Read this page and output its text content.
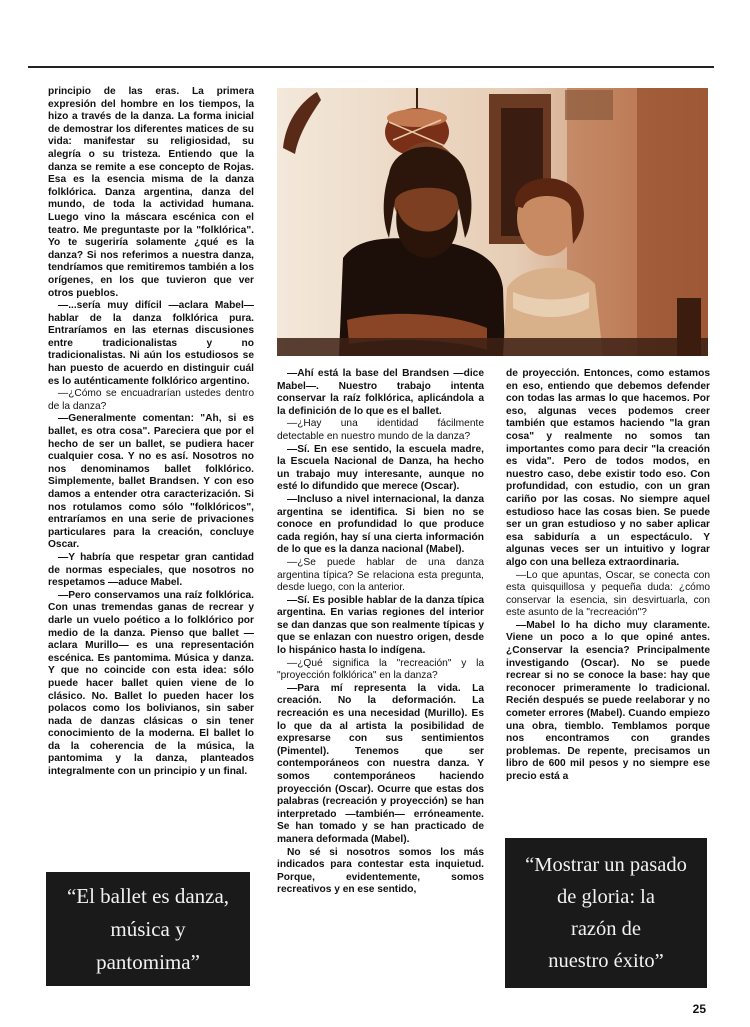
principio de las eras. La primera expresión del hombre en los tiempos, la hizo a través de la danza. La forma inicial de demostrar los diferentes matices de su vida: manifestar su religiosidad, su alegría o su tristeza. Entiendo que la danza se remite a ese concepto de Rojas. Esa es la esencia misma de la danza folklórica. Danza argentina, danza del mundo, de toda la actividad humana. Luego vino la máscara escénica con el teatro. Me preguntaste por la "folklórica". Yo te sugeriría solamente ¿qué es la danza? Si nos referimos a nuestra danza, tendríamos que remitiremos también a los orígenes, en los que tuvieron que ver otros pueblos.

—...sería muy difícil —aclara Mabel— hablar de la danza folklórica pura. Entraríamos en las eternas discusiones entre tradicionalistas y no tradicionalistas. Ni aún los estudiosos se han puesto de acuerdo en distinguir cuál es lo auténticamente folklórico argentino.

—¿Cómo se encuadrarían ustedes dentro de la danza?

—Generalmente comentan: "Ah, si es ballet, es otra cosa". Pareciera que por el hecho de ser un ballet, se pudiera hacer cualquier cosa. Y no es así. Nosotros no nos denominamos ballet folklórico. Simplemente, ballet Brandsen. Y con eso damos a entender otra caracterización. Si nos rotulamos como sólo "folklóricos", entraríamos en una serie de privaciones particulares para la creación, concluye Oscar.

—Y habría que respetar gran cantidad de normas especiales, que nosotros no respetamos —aduce Mabel.

—Pero conservamos una raíz folklórica. Con unas tremendas ganas de recrear y darle un vuelo poético a lo folklórico por medio de la danza. Pienso que ballet —aclara Murillo— es una representación escénica. Es pantomima. Música y danza. Y que no coincide con esta idea: sólo puede hacer ballet quien viene de lo clásico. No. Ballet lo pueden hacer los polacos como los bolivianos, sin saber nada de danzas clásicas o sin tener conocimiento de la moderna. El ballet lo da la coherencia de la música, la pantomima y la danza, planteados integralmente con un principio y un final.

—Ahí está la base del Brandsen —dice Mabel—. Nuestro trabajo intenta conservar la raíz folklórica, aplicándola a la definición de lo que es el ballet.

—¿Hay una identidad fácilmente detectable en nuestro mundo de la danza?

—Sí. En ese sentido, la escuela madre, la Escuela Nacional de Danza, ha hecho un trabajo muy interesante, aunque no esté lo difundido que merece (Oscar).

—Incluso a nivel internacional, la danza argentina se identifica. Si bien no se conoce en profundidad lo que produce cada región, hay sí una cierta información de lo que es la danza nacional (Mabel).

—¿Se puede hablar de una danza argentina típica? Se relaciona esta pregunta, desde luego, con la anterior.

—Sí. Es posible hablar de la danza típica argentina. En varias regiones del interior se dan danzas que son realmente típicas y que se enlazan con nuestro origen, desde lo hispánico hasta lo indígena.

—¿Qué significa la "recreación" y la "proyección folklórica" en la danza?

—Para mí representa la vida. La creación. No la deformación. La recreación es una necesidad (Murillo). Es lo que da al artista la posibilidad de expresarse con sus sentimientos (Pimentel). Tenemos que ser contemporáneos con nuestra danza. Y somos contemporáneos haciendo proyección (Oscar). Ocurre que estas dos palabras (recreación y proyección) se han interpretado —también— erróneamente. Se han tomado y se han practicado de manera deformada (Mabel).

No sé si nosotros somos los más indicados para contestar esta inquietud. Porque, evidentemente, somos recreativos y en ese sentido,

de proyección. Entonces, como estamos en eso, entiendo que debemos defender con todas las armas lo que hacemos. Por eso, algunas veces podemos creer también que estamos haciendo "la gran cosa" y realmente no somos tan importantes como para decir "la creación es vida". Pero de todos modos, en nuestro caso, debe existir todo eso. Con profundidad, con estudio, con un gran cariño por las cosas. No siempre aquel estudioso hace las cosas bien. Se puede ser un gran estudioso y no saber aplicar esa sabiduría a un espectáculo. Y algunas veces ser un intuitivo y lograr algo con una belleza extraordinaria.

—Lo que apuntas, Oscar, se conecta con esta quisquillosa y pequeña duda: ¿cómo conservar la esencia, sin desvirtuarla, con este asunto de la "recreación"?

—Mabel lo ha dicho muy claramente. Viene un poco a lo que opiné antes. ¿Conservar la esencia? Principalmente investigando (Oscar). No se puede recrear si no se conoce la base: hay que reconocer primeramente lo tradicional. Recién después se puede reelaborar y no cometer errores (Mabel). Cuando empiezo una obra, tiemblo. Temblamos porque nos encontramos con grandes problemas. De repente, precisamos un libro de 600 mil pesos y no siempre ese precio está a

“El ballet es danza,
música y
pantomima”
“Mostrar un pasado
de gloria: la
razón de
nuestro éxito”
25
